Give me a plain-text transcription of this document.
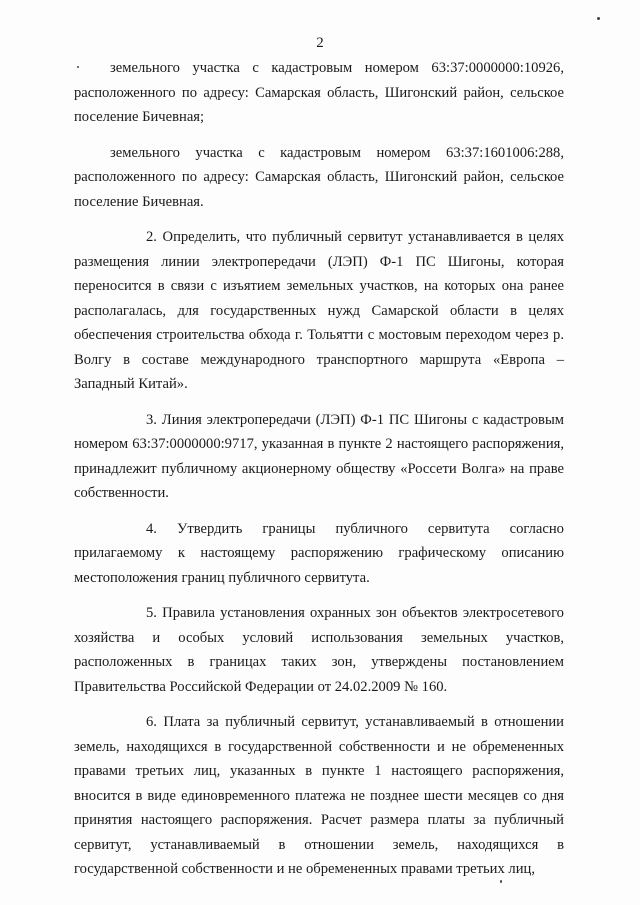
2

земельного участка с кадастровым номером 63:37:0000000:10926, расположенного по адресу: Самарская область, Шигонский район, сельское поселение Бичевная;

земельного участка с кадастровым номером 63:37:1601006:288, расположенного по адресу: Самарская область, Шигонский район, сельское поселение Бичевная.

2. Определить, что публичный сервитут устанавливается в целях размещения линии электропередачи (ЛЭП) Ф-1 ПС Шигоны, которая переносится в связи с изъятием земельных участков, на которых она ранее располагалась, для государственных нужд Самарской области в целях обеспечения строительства обхода г. Тольятти с мостовым переходом через р. Волгу в составе международного транспортного маршрута «Европа – Западный Китай».

3. Линия электропередачи (ЛЭП) Ф-1 ПС Шигоны с кадастровым номером 63:37:0000000:9717, указанная в пункте 2 настоящего распоряжения, принадлежит публичному акционерному обществу «Россети Волга» на праве собственности.

4. Утвердить границы публичного сервитута согласно прилагаемому к настоящему распоряжению графическому описанию местоположения границ публичного сервитута.

5. Правила установления охранных зон объектов электросетевого хозяйства и особых условий использования земельных участков, расположенных в границах таких зон, утверждены постановлением Правительства Российской Федерации от 24.02.2009 № 160.

6. Плата за публичный сервитут, устанавливаемый в отношении земель, находящихся в государственной собственности и не обремененных правами третьих лиц, указанных в пункте 1 настоящего распоряжения, вносится в виде единовременного платежа не позднее шести месяцев со дня принятия настоящего распоряжения. Расчет размера платы за публичный сервитут, устанавливаемый в отношении земель, находящихся в государственной собственности и не обремененных правами третьих лиц,
